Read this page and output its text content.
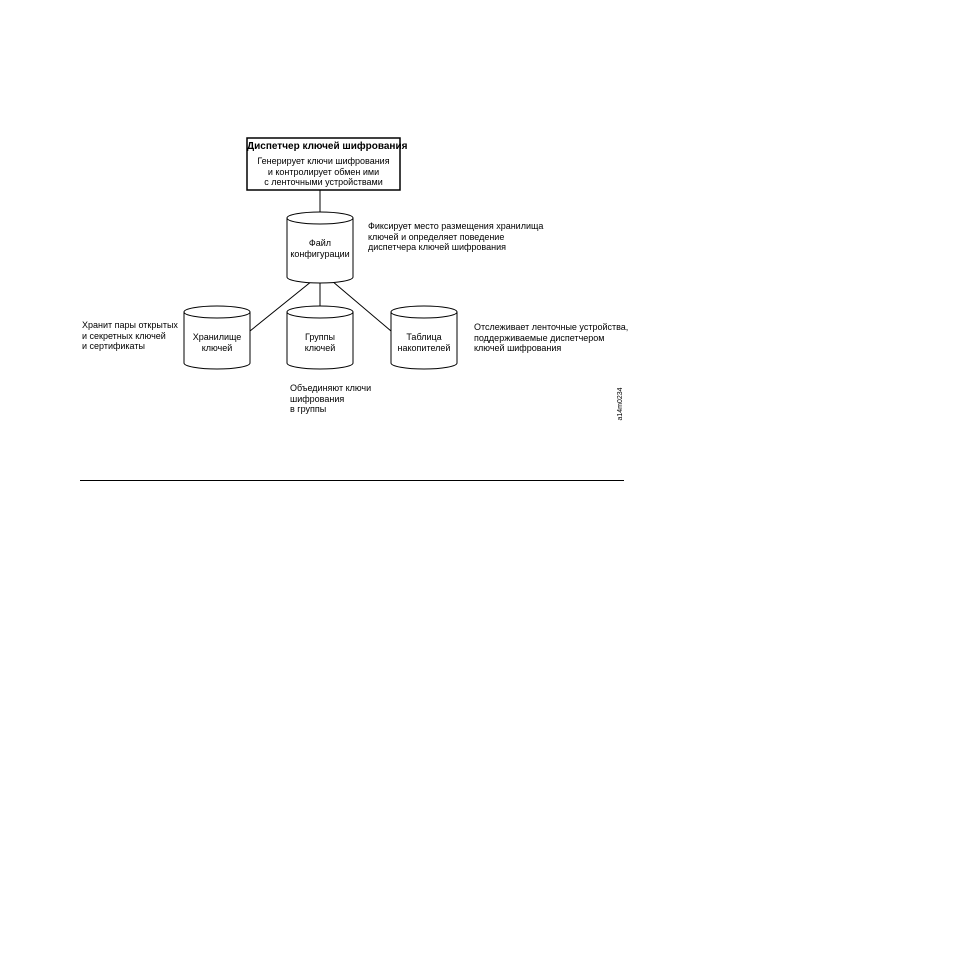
Диспетчер ключей шифрования
Генерирует ключи шифрования
и контролирует обмен ими
с ленточными устройствами
Файл
конфигурации
Фиксирует место размещения хранилища
ключей и определяет поведение
диспетчера ключей шифрования
Хранилище
ключей
Хранит пары открытых
и секретных ключей
и сертификаты
Группы
ключей
Объединяют ключи
шифрования
в группы
Таблица
накопителей
Отслеживает ленточные устройства,
поддерживаемые диспетчером
ключей шифрования
a14m0234
